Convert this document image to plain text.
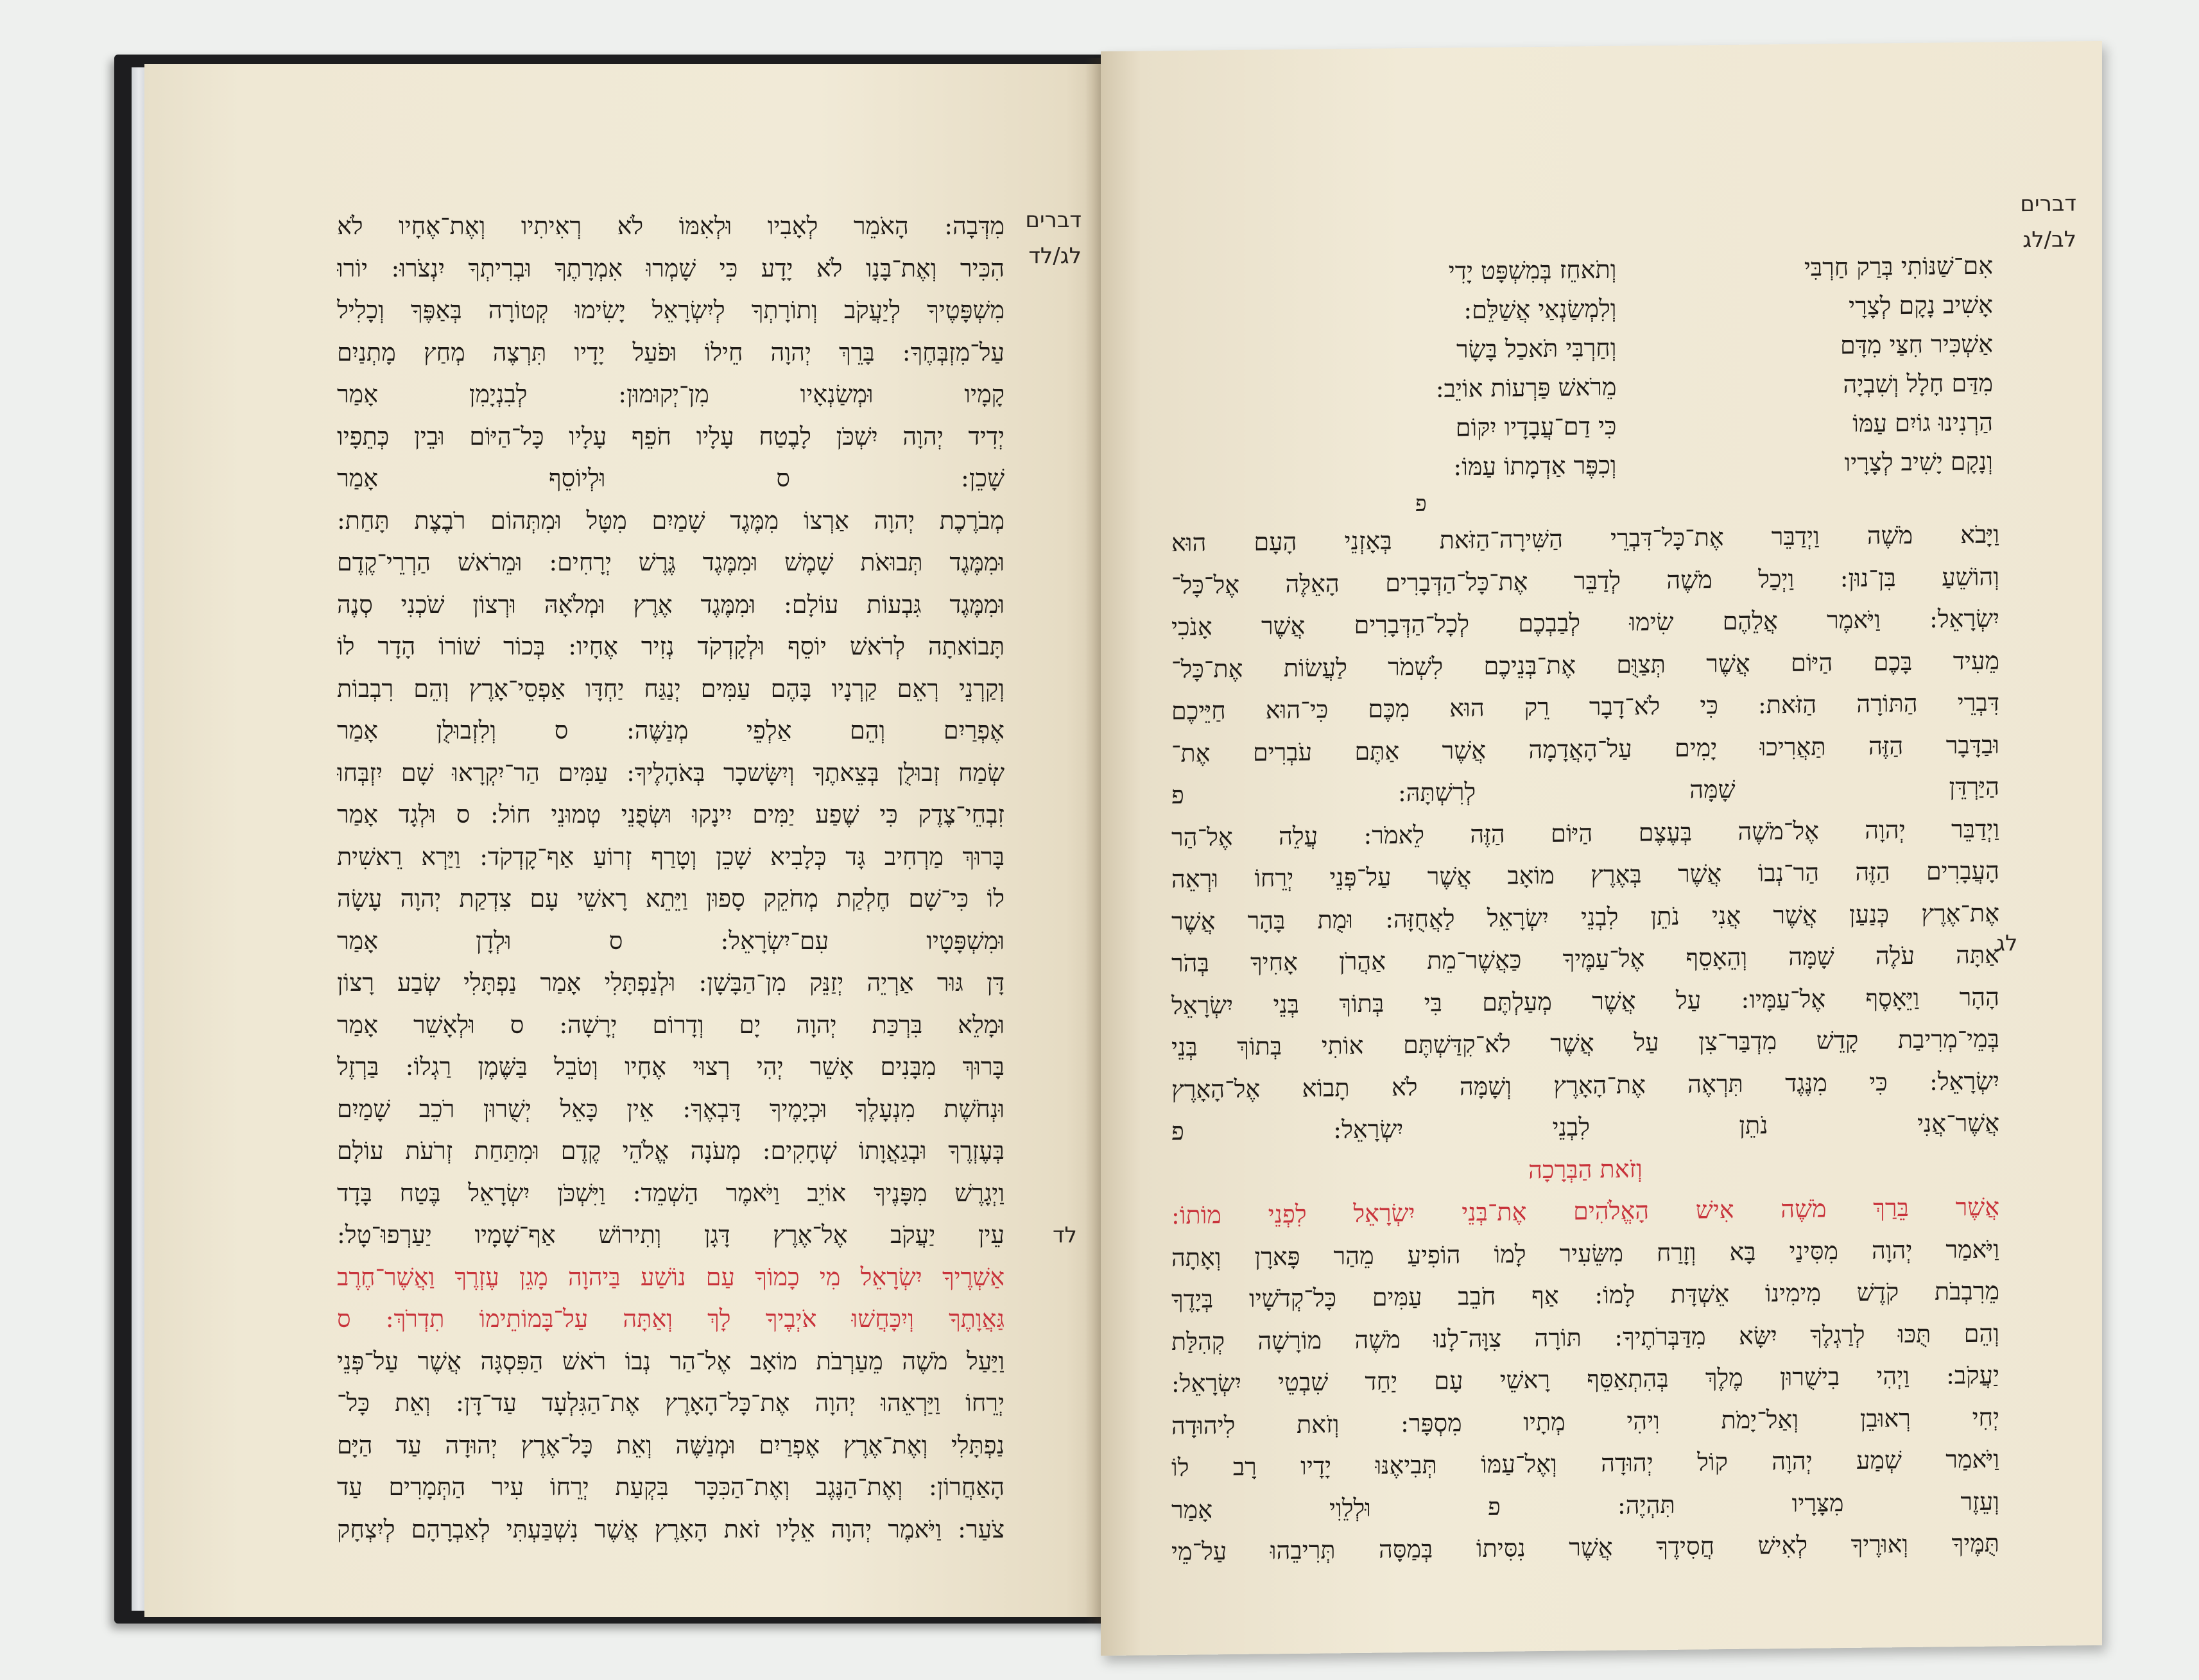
דברים
לג/לד
לד
מִדְּבָה: הָאֹמֵר לְאָבִיו וּלְאִמּוֹ לֹא רְאִיתִיו וְאֶת־אֶחָיו לֹא
הִכִּיר וְאֶת־בָּנָו לֹא יָדָע כִּי שָׁמְרוּ אִמְרָתֶךָ וּבְרִיתְךָ יִנְצֹרוּ: יוֹרוּ
מִשְׁפָּטֶיךָ לְיַעֲקֹב וְתוֹרָתְךָ לְיִשְׂרָאֵל יָשִׂימוּ קְטוֹרָה בְּאַפֶּךָ וְכָלִיל
עַל־מִזְבְּחֶךָ: בָּרֵךְ יְהוָה חֵילוֹ וּפֹעַל יָדָיו תִּרְצֶה מְחַץ מָתְנַיִם
קָמָיו וּמְשַׂנְאָיו מִן־יְקוּמוּן: לְבִנְיָמִן אָמַר
יְדִיד יְהוָה יִשְׁכֹּן לָבֶטַח עָלָיו חֹפֵף עָלָיו כָּל־הַיּוֹם וּבֵין כְּתֵפָיו
שָׁכֵן: ס וּלְיוֹסֵף אָמַר
מְבֹרֶכֶת יְהוָה אַרְצוֹ מִמֶּגֶד שָׁמַיִם מִטָּל וּמִתְּהוֹם רֹבֶצֶת תָּחַת:
וּמִמֶּגֶד תְּבוּאֹת שָׁמֶשׁ וּמִמֶּגֶד גֶּרֶשׁ יְרָחִים: וּמֵרֹאשׁ הַרְרֵי־קֶדֶם
וּמִמֶּגֶד גִּבְעוֹת עוֹלָם: וּמִמֶּגֶד אֶרֶץ וּמְלֹאָהּ וּרְצוֹן שֹׁכְנִי סְנֶה
תָּבוֹאתָה לְרֹאשׁ יוֹסֵף וּלְקָדְקֹד נְזִיר אֶחָיו: בְּכוֹר שׁוֹרוֹ הָדָר לוֹ
וְקַרְנֵי רְאֵם קַרְנָיו בָּהֶם עַמִּים יְנַגַּח יַחְדָּו אַפְסֵי־אָרֶץ וְהֵם רִבְבוֹת
אֶפְרַיִם וְהֵם אַלְפֵי מְנַשֶּׁה: ס וְלִזְבוּלֻן אָמַר
שְׂמַח זְבוּלֻן בְּצֵאתֶךָ וְיִשָּׂשכָר בְּאֹהָלֶיךָ: עַמִּים הַר־יִקְרָאוּ שָׁם יִזְבְּחוּ
זִבְחֵי־צֶדֶק כִּי שֶׁפַע יַמִּים יִינָקוּ וּשְׂפֻנֵי טְמוּנֵי חוֹל: ס וּלְגָד אָמַר
בָּרוּךְ מַרְחִיב גָּד כְּלָבִיא שָׁכֵן וְטָרַף זְרוֹעַ אַף־קָדְקֹד: וַיַּרְא רֵאשִׁית
לוֹ כִּי־שָׁם חֶלְקַת מְחֹקֵק סָפוּן וַיֵּתֵא רָאשֵׁי עָם צִדְקַת יְהוָה עָשָׂה
וּמִשְׁפָּטָיו עִם־יִשְׂרָאֵל: ס וּלְדָן אָמַר
דָּן גּוּר אַרְיֵה יְזַנֵּק מִן־הַבָּשָׁן: וּלְנַפְתָּלִי אָמַר נַפְתָּלִי שְׂבַע רָצוֹן
וּמָלֵא בִּרְכַּת יְהוָה יָם וְדָרוֹם יְרָשָׁה: ס וּלְאָשֵׁר אָמַר
בָּרוּךְ מִבָּנִים אָשֵׁר יְהִי רְצוּי אֶחָיו וְטֹבֵל בַּשֶּׁמֶן רַגְלוֹ: בַּרְזֶל
וּנְחֹשֶׁת מִנְעָלֶךָ וּכְיָמֶיךָ דָּבְאֶךָ: אֵין כָּאֵל יְשֻׁרוּן רֹכֵב שָׁמַיִם
בְּעֶזְרֶךָ וּבְגַאֲוָתוֹ שְׁחָקִים: מְעֹנָה אֱלֹהֵי קֶדֶם וּמִתַּחַת זְרֹעֹת עוֹלָם
וַיְגָרֶשׁ מִפָּנֶיךָ אוֹיֵב וַיֹּאמֶר הַשְׁמֵד: וַיִּשְׁכֹּן יִשְׂרָאֵל בֶּטַח בָּדָד
עֵין יַעֲקֹב אֶל־אֶרֶץ דָּגָן וְתִירוֹשׁ אַף־שָׁמָיו יַעַרְפוּ־טָל:
אַשְׁרֶיךָ יִשְׂרָאֵל מִי כָמוֹךָ עַם נוֹשַׁע בַּיהוָה מָגֵן עֶזְרֶךָ וַאֲשֶׁר־חֶרֶב
גַּאֲוָתֶךָ וְיִכָּחֲשׁוּ אֹיְבֶיךָ לָךְ וְאַתָּה עַל־בָּמוֹתֵימוֹ תִדְרֹךְ: ס
וַיַּעַל מֹשֶׁה מֵעַרְבֹת מוֹאָב אֶל־הַר נְבוֹ רֹאשׁ הַפִּסְגָּה אֲשֶׁר עַל־פְּנֵי
יְרֵחוֹ וַיַּרְאֵהוּ יְהוָה אֶת־כָּל־הָאָרֶץ אֶת־הַגִּלְעָד עַד־דָּן: וְאֵת כָּל־
נַפְתָּלִי וְאֶת־אֶרֶץ אֶפְרַיִם וּמְנַשֶּׁה וְאֵת כָּל־אֶרֶץ יְהוּדָה עַד הַיָּם
הָאַחֲרוֹן: וְאֶת־הַנֶּגֶב וְאֶת־הַכִּכָּר בִּקְעַת יְרֵחוֹ עִיר הַתְּמָרִים עַד
צֹעַר: וַיֹּאמֶר יְהוָה אֵלָיו זֹאת הָאָרֶץ אֲשֶׁר נִשְׁבַּעְתִּי לְאַבְרָהָם לְיִצְחָק
דברים
לב/לג
לג
אִם־שַׁנּוֹתִי בְּרַק חַרְבִּי
וְתֹאחֵז בְּמִשְׁפָּט יָדִי
אָשִׁיב נָקָם לְצָרָי
וְלִמְשַׂנְאַי אֲשַׁלֵּם:
אַשְׁכִּיר חִצַּי מִדָּם
וְחַרְבִּי תֹּאכַל בָּשָׂר
מִדַּם חָלָל וְשִׁבְיָה
מֵרֹאשׁ פַּרְעוֹת אוֹיֵב:
הַרְנִינוּ גוֹיִם עַמּוֹ
כִּי דַם־עֲבָדָיו יִקּוֹם
וְנָקָם יָשִׁיב לְצָרָיו
וְכִפֶּר אַדְמָתוֹ עַמּוֹ:
פ
וַיָּבֹא מֹשֶׁה וַיְדַבֵּר אֶת־כָּל־דִּבְרֵי הַשִּׁירָה־הַזֹּאת בְּאָזְנֵי הָעָם הוּא
וְהוֹשֵׁעַ בִּן־נוּן: וַיְכַל מֹשֶׁה לְדַבֵּר אֶת־כָּל־הַדְּבָרִים הָאֵלֶּה אֶל־כָּל־
יִשְׂרָאֵל: וַיֹּאמֶר אֲלֵהֶם שִׂימוּ לְבַבְכֶם לְכָל־הַדְּבָרִים אֲשֶׁר אָנֹכִי
מֵעִיד בָּכֶם הַיּוֹם אֲשֶׁר תְּצַוֻּם אֶת־בְּנֵיכֶם לִשְׁמֹר לַעֲשׂוֹת אֶת־כָּל־
דִּבְרֵי הַתּוֹרָה הַזֹּאת: כִּי לֹא־דָבָר רֵק הוּא מִכֶּם כִּי־הוּא חַיֵּיכֶם
וּבַדָּבָר הַזֶּה תַּאֲרִיכוּ יָמִים עַל־הָאֲדָמָה אֲשֶׁר אַתֶּם עֹבְרִים אֶת־
הַיַּרְדֵּן שָׁמָּה לְרִשְׁתָּהּ: פ
וַיְדַבֵּר יְהוָה אֶל־מֹשֶׁה בְּעֶצֶם הַיּוֹם הַזֶּה לֵאמֹר: עֲלֵה אֶל־הַר
הָעֲבָרִים הַזֶּה הַר־נְבוֹ אֲשֶׁר בְּאֶרֶץ מוֹאָב אֲשֶׁר עַל־פְּנֵי יְרֵחוֹ וּרְאֵה
אֶת־אֶרֶץ כְּנַעַן אֲשֶׁר אֲנִי נֹתֵן לִבְנֵי יִשְׂרָאֵל לַאֲחֻזָּה: וּמֻת בָּהָר אֲשֶׁר
אַתָּה עֹלֶה שָׁמָּה וְהֵאָסֵף אֶל־עַמֶּיךָ כַּאֲשֶׁר־מֵת אַהֲרֹן אָחִיךָ בְּהֹר
הָהָר וַיֵּאָסֶף אֶל־עַמָּיו: עַל אֲשֶׁר מְעַלְתֶּם בִּי בְּתוֹךְ בְּנֵי יִשְׂרָאֵל
בְּמֵי־מְרִיבַת קָדֵשׁ מִדְבַּר־צִן עַל אֲשֶׁר לֹא־קִדַּשְׁתֶּם אוֹתִי בְּתוֹךְ בְּנֵי
יִשְׂרָאֵל: כִּי מִנֶּגֶד תִּרְאֶה אֶת־הָאָרֶץ וְשָׁמָּה לֹא תָבוֹא אֶל־הָאָרֶץ
אֲשֶׁר־אֲנִי נֹתֵן לִבְנֵי יִשְׂרָאֵל: פ
וְזֹאת הַבְּרָכָה
אֲשֶׁר בֵּרַךְ מֹשֶׁה אִישׁ הָאֱלֹהִים אֶת־בְּנֵי יִשְׂרָאֵל לִפְנֵי מוֹתוֹ:
וַיֹּאמַר יְהוָה מִסִּינַי בָּא וְזָרַח מִשֵּׂעִיר לָמוֹ הוֹפִיעַ מֵהַר פָּארָן וְאָתָה
מֵרִבְבֹת קֹדֶשׁ מִימִינוֹ אֵשְׁדָּת לָמוֹ: אַף חֹבֵב עַמִּים כָּל־קְדֹשָׁיו בְּיָדֶךָ
וְהֵם תֻּכּוּ לְרַגְלֶךָ יִשָּׂא מִדַּבְּרֹתֶיךָ: תּוֹרָה צִוָּה־לָנוּ מֹשֶׁה מוֹרָשָׁה קְהִלַּת
יַעֲקֹב: וַיְהִי בִישֻׁרוּן מֶלֶךְ בְּהִתְאַסֵּף רָאשֵׁי עָם יַחַד שִׁבְטֵי יִשְׂרָאֵל:
יְחִי רְאוּבֵן וְאַל־יָמֹת וִיהִי מְתָיו מִסְפָּר: וְזֹאת לִיהוּדָה
וַיֹּאמַר שְׁמַע יְהוָה קוֹל יְהוּדָה וְאֶל־עַמּוֹ תְּבִיאֶנּוּ יָדָיו רָב לוֹ
וְעֵזֶר מִצָּרָיו תִּהְיֶה: פ וּלְלֵוִי אָמַר
תֻּמֶּיךָ וְאוּרֶיךָ לְאִישׁ חֲסִידֶךָ אֲשֶׁר נִסִּיתוֹ בְּמַסָּה תְּרִיבֵהוּ עַל־מֵי
